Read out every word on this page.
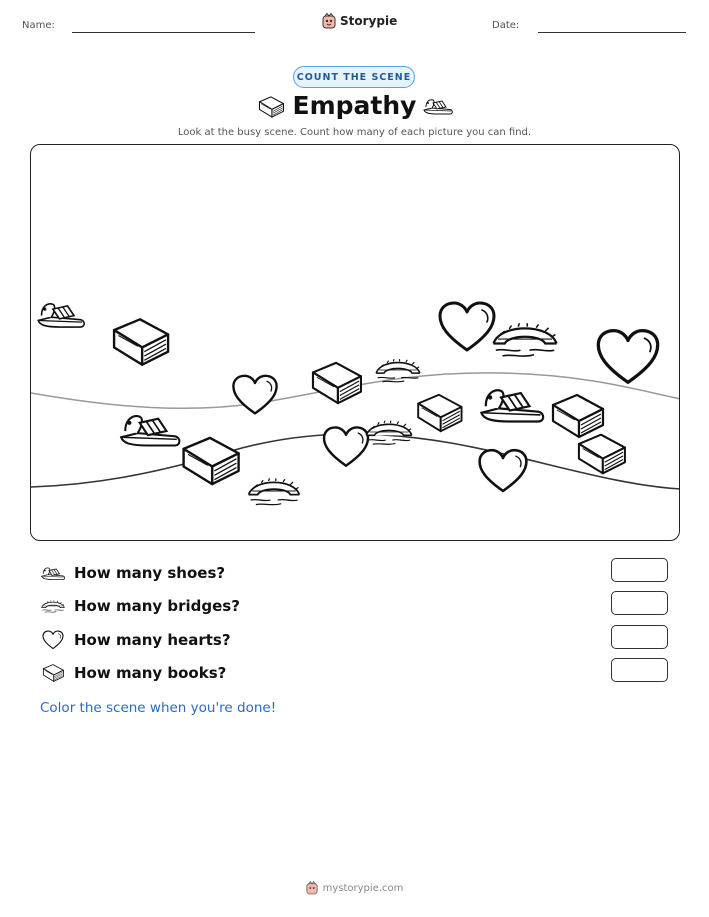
Name:	Storypie	Date:
COUNT THE SCENE
Empathy
Look at the busy scene. Count how many of each picture you can find.
How many shoes?
How many bridges?
How many hearts?
How many books?
Color the scene when you're done!
mystorypie.com
